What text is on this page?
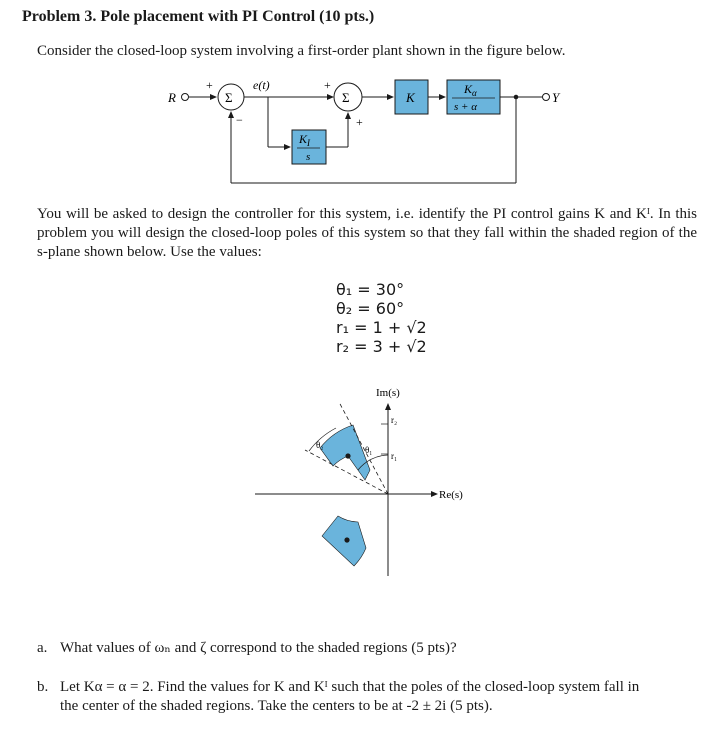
Problem 3. Pole placement with PI Control (10 pts.)
Consider the closed-loop system involving a first-order plant shown in the figure below.
R	Y
Σ	Σ
e(t)
+
−
+
+
$K_I$
s
K
$K_\alpha$
s + α
You will be asked to design the controller for this system, i.e. identify the PI control gains K and Kᴵ. In this problem you will design the closed-loop poles of this system so that they fall within the shaded region of the s-plane shown below. Use the values:
θ₁ = 30°
θ₂ = 60°
r₁ = 1 + √2
r₂ = 3 + √2
Im(s)
Re(s)
θ₂	θ₁
r₂
r₁
a. What values of ωₙ and ζ correspond to the shaded regions (5 pts)?
b. Let Kα = α = 2. Find the values for K and Kᴵ such that the poles of the closed-loop system fall in
the center of the shaded regions. Take the centers to be at -2 ± 2i (5 pts).
